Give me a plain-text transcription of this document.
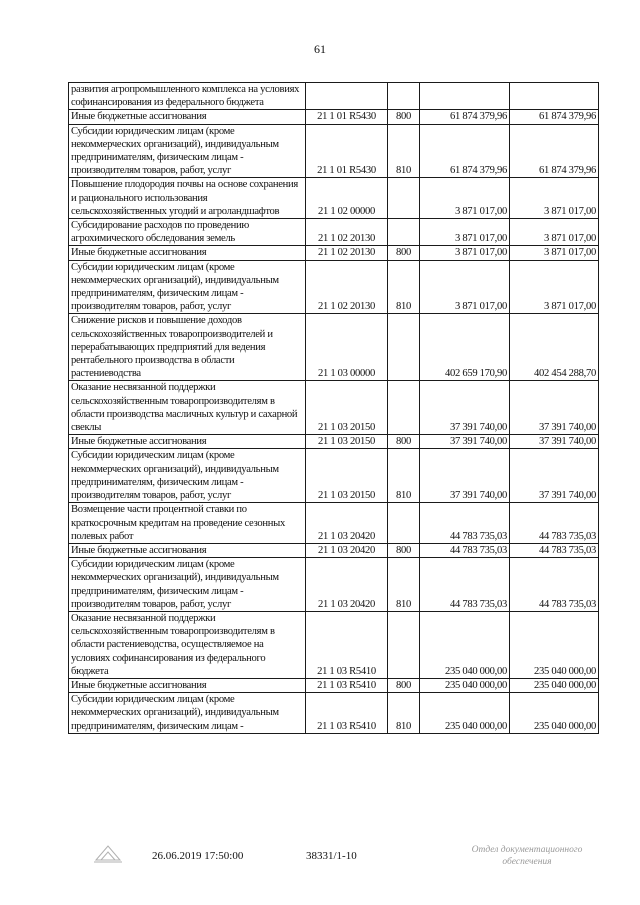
61
развития агропромышленного комплекса на условиях софинансирования из федерального бюджета				
Иные бюджетные ассигнования	21 1 01 R5430	800	61 874 379,96	61 874 379,96
Субсидии юридическим лицам (кроме некоммерческих организаций), индивидуальным предпринимателям, физическим лицам - производителям товаров, работ, услуг	21 1 01 R5430	810	61 874 379,96	61 874 379,96
Повышение плодородия почвы на основе сохранения и рационального использования сельскохозяйственных угодий и агроландшафтов	21 1 02 00000		3 871 017,00	3 871 017,00
Субсидирование расходов по проведению агрохимического обследования земель	21 1 02 20130		3 871 017,00	3 871 017,00
Иные бюджетные ассигнования	21 1 02 20130	800	3 871 017,00	3 871 017,00
Субсидии юридическим лицам (кроме некоммерческих организаций), индивидуальным предпринимателям, физическим лицам - производителям товаров, работ, услуг	21 1 02 20130	810	3 871 017,00	3 871 017,00
Снижение рисков и повышение доходов сельскохозяйственных товаропроизводителей и перерабатывающих предприятий для ведения рентабельного производства в области растениеводства	21 1 03 00000		402 659 170,90	402 454 288,70
Оказание несвязанной поддержки сельскохозяйственным товаропроизводителям в области производства масличных культур и сахарной свеклы	21 1 03 20150		37 391 740,00	37 391 740,00
Иные бюджетные ассигнования	21 1 03 20150	800	37 391 740,00	37 391 740,00
Субсидии юридическим лицам (кроме некоммерческих организаций), индивидуальным предпринимателям, физическим лицам - производителям товаров, работ, услуг	21 1 03 20150	810	37 391 740,00	37 391 740,00
Возмещение части процентной ставки по краткосрочным кредитам на проведение сезонных полевых работ	21 1 03 20420		44 783 735,03	44 783 735,03
Иные бюджетные ассигнования	21 1 03 20420	800	44 783 735,03	44 783 735,03
Субсидии юридическим лицам (кроме некоммерческих организаций), индивидуальным предпринимателям, физическим лицам - производителям товаров, работ, услуг	21 1 03 20420	810	44 783 735,03	44 783 735,03
Оказание несвязанной поддержки сельскохозяйственным товаропроизводителям в области растениеводства, осуществляемое на условиях софинансирования из федерального бюджета	21 1 03 R5410		235 040 000,00	235 040 000,00
Иные бюджетные ассигнования	21 1 03 R5410	800	235 040 000,00	235 040 000,00
Субсидии юридическим лицам (кроме некоммерческих организаций), индивидуальным предпринимателям, физическим лицам -	21 1 03 R5410	810	235 040 000,00	235 040 000,00
26.06.2019 17:50:00	38331/1-10	Отдел документационного
обеспечения
